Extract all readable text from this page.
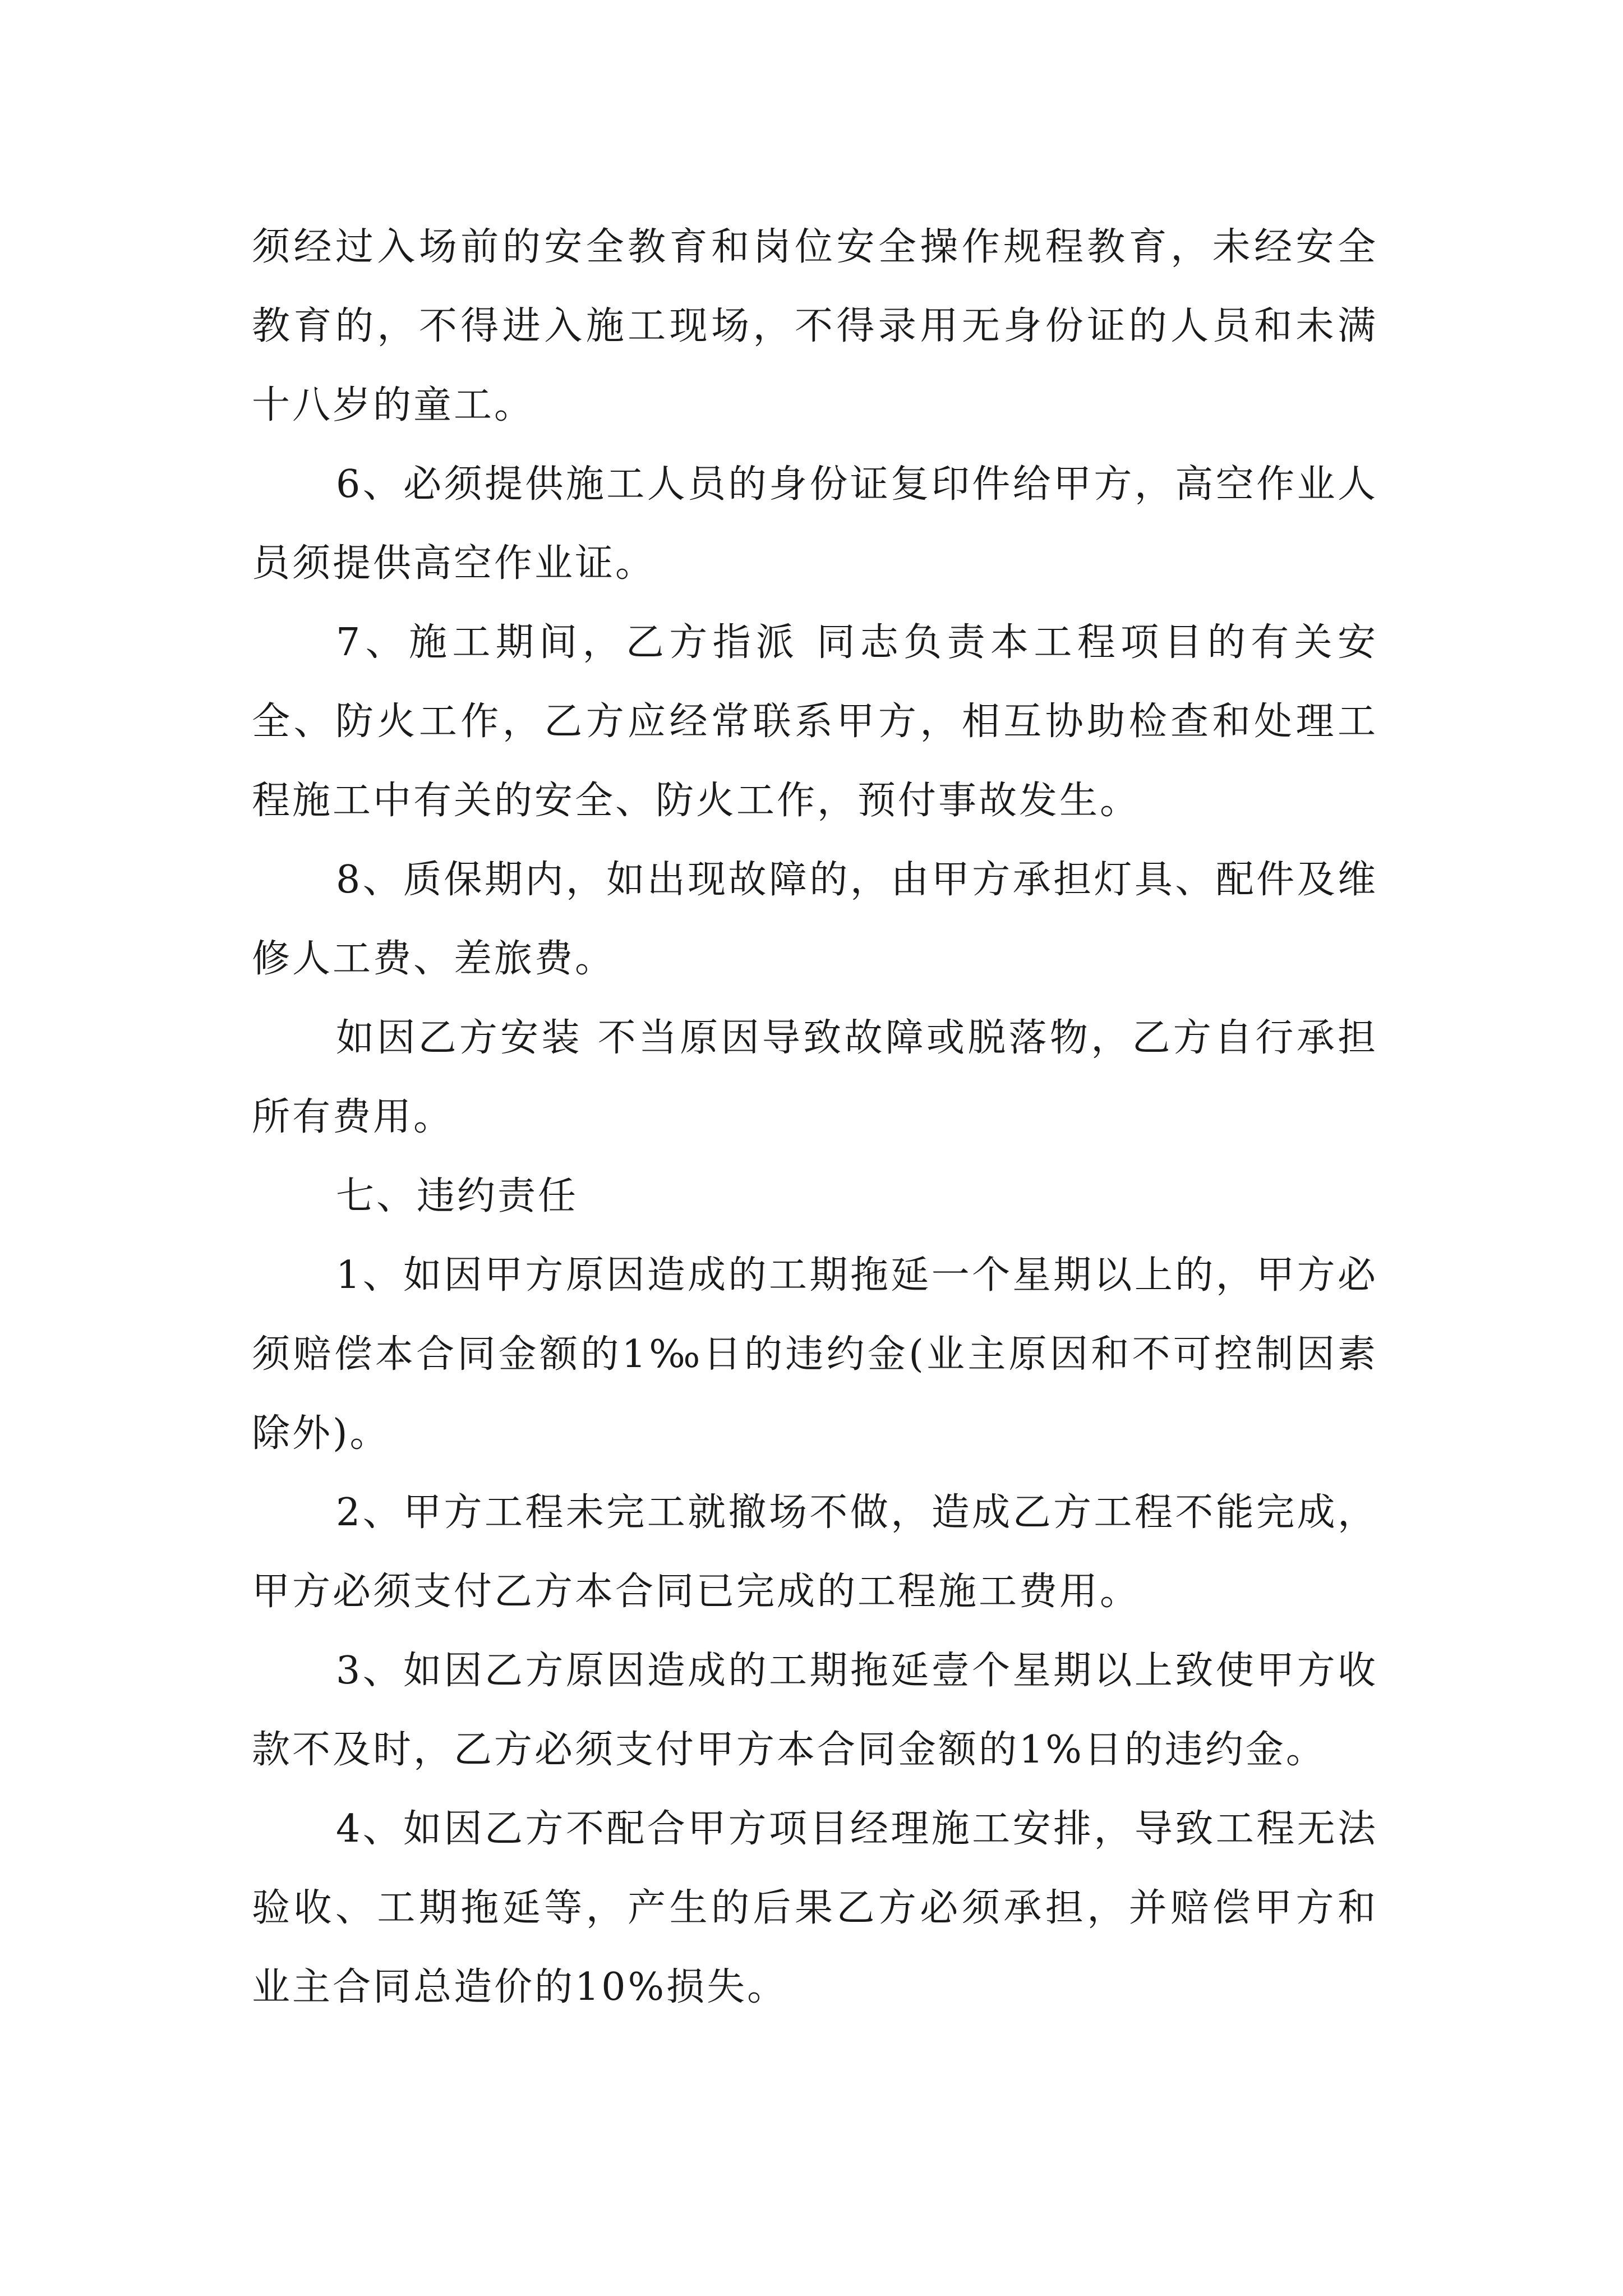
须经过入场前的安全教育和岗位安全操作规程教育，未经安全教育的，不得进入施工现场，不得录用无身份证的人员和未满十八岁的童工。

6、必须提供施工人员的身份证复印件给甲方，高空作业人员须提供高空作业证。

7、施工期间，乙方指派 同志负责本工程项目的有关安全、防火工作，乙方应经常联系甲方，相互协助检查和处理工程施工中有关的安全、防火工作，预付事故发生。

8、质保期内，如出现故障的，由甲方承担灯具、配件及维修人工费、差旅费。

如因乙方安装 不当原因导致故障或脱落物，乙方自行承担所有费用。

七、违约责任

1、如因甲方原因造成的工期拖延一个星期以上的，甲方必须赔偿本合同金额的1‰日的违约金(业主原因和不可控制因素除外)。

2、甲方工程未完工就撤场不做，造成乙方工程不能完成，甲方必须支付乙方本合同已完成的工程施工费用。

3、如因乙方原因造成的工期拖延壹个星期以上致使甲方收款不及时，乙方必须支付甲方本合同金额的1%日的违约金。

4、如因乙方不配合甲方项目经理施工安排，导致工程无法验收、工期拖延等，产生的后果乙方必须承担，并赔偿甲方和业主合同总造价的10%损失。
